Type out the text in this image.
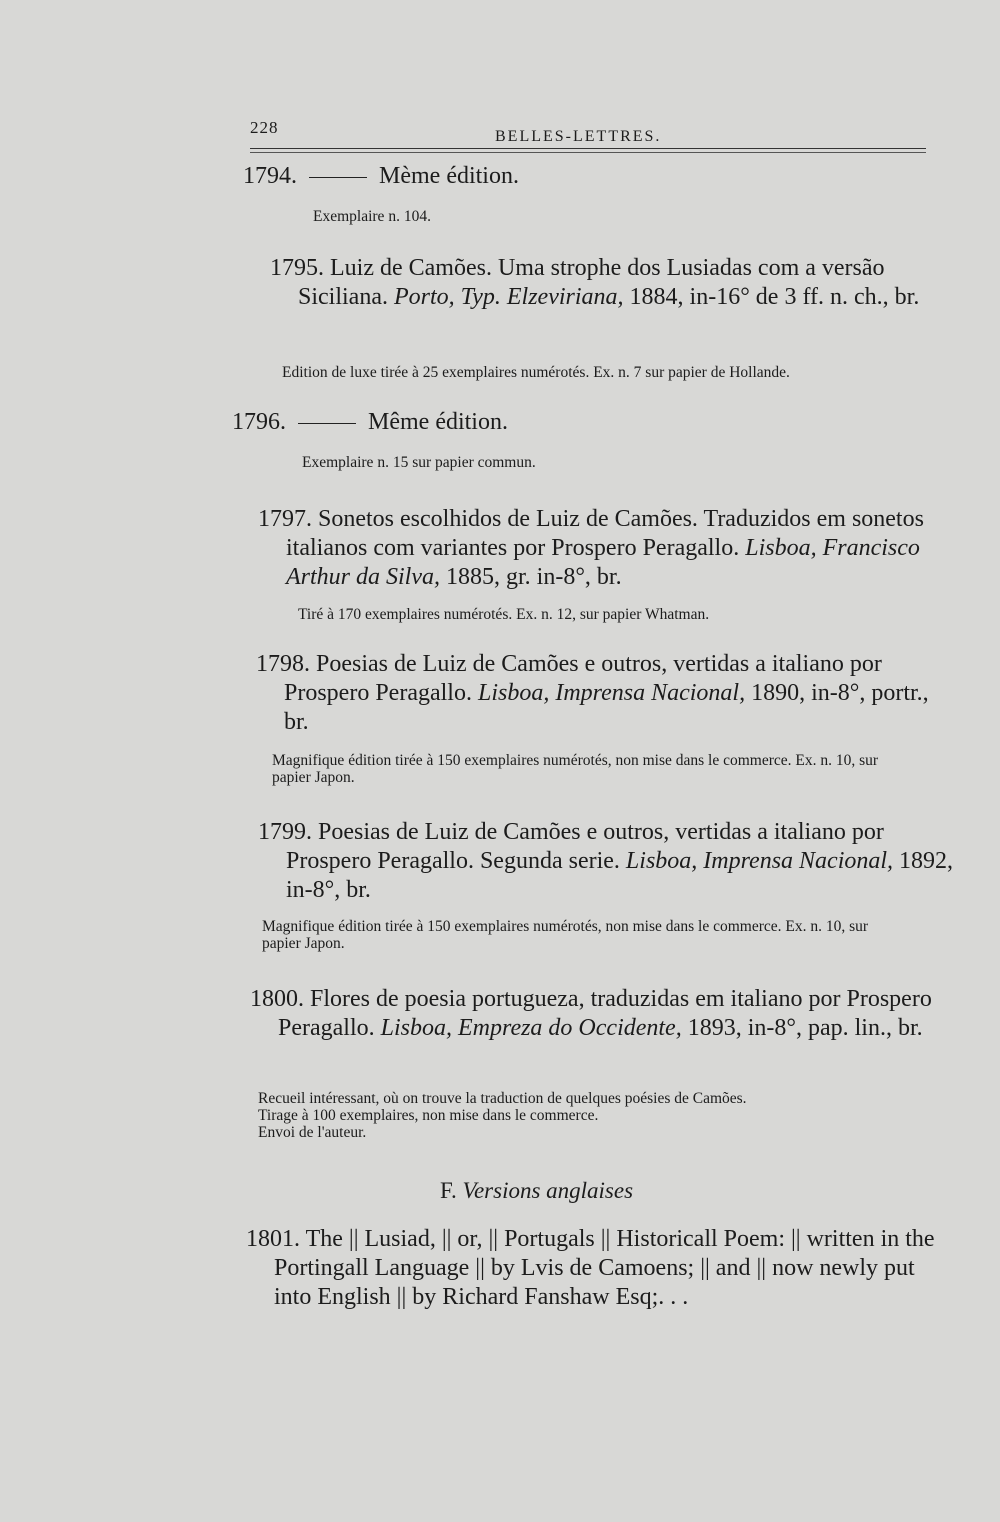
228	BELLES-LETTRES.
1794.	Mème édition.
Exemplaire n. 104.
1795. Luiz de Camões. Uma strophe dos Lusiadas com a versão Siciliana. Porto, Typ. Elzeviriana, 1884, in-16° de 3 ff. n. ch., br.
Edition de luxe tirée à 25 exemplaires numérotés. Ex. n. 7 sur papier de Hollande.
1796.	Même édition.
Exemplaire n. 15 sur papier commun.
1797. Sonetos escolhidos de Luiz de Camões. Traduzidos em sonetos italianos com variantes por Prospero Peragallo. Lisboa, Francisco Arthur da Silva, 1885, gr. in-8°, br.
Tiré à 170 exemplaires numérotés. Ex. n. 12, sur papier Whatman.
1798. Poesias de Luiz de Camões e outros, vertidas a italiano por Prospero Peragallo. Lisboa, Imprensa Nacional, 1890, in-8°, portr., br.
Magnifique édition tirée à 150 exemplaires numérotés, non mise dans le commerce. Ex. n. 10, sur papier Japon.
1799. Poesias de Luiz de Camões e outros, vertidas a italiano por Prospero Peragallo. Segunda serie. Lisboa, Imprensa Nacional, 1892, in-8°, br.
Magnifique édition tirée à 150 exemplaires numérotés, non mise dans le commerce. Ex. n. 10, sur papier Japon.
1800. Flores de poesia portugueza, traduzidas em italiano por Prospero Peragallo. Lisboa, Empreza do Occidente, 1893, in-8°, pap. lin., br.
Recueil intéressant, où on trouve la traduction de quelques poésies de Camões.
Tirage à 100 exemplaires, non mise dans le commerce.
Envoi de l'auteur.
F. Versions anglaises
1801. The || Lusiad, || or, || Portugals || Historicall Poem: || written in the Portingall Language || by Lvis de Camoens; || and || now newly put into English || by Richard Fanshaw Esq;. . .
